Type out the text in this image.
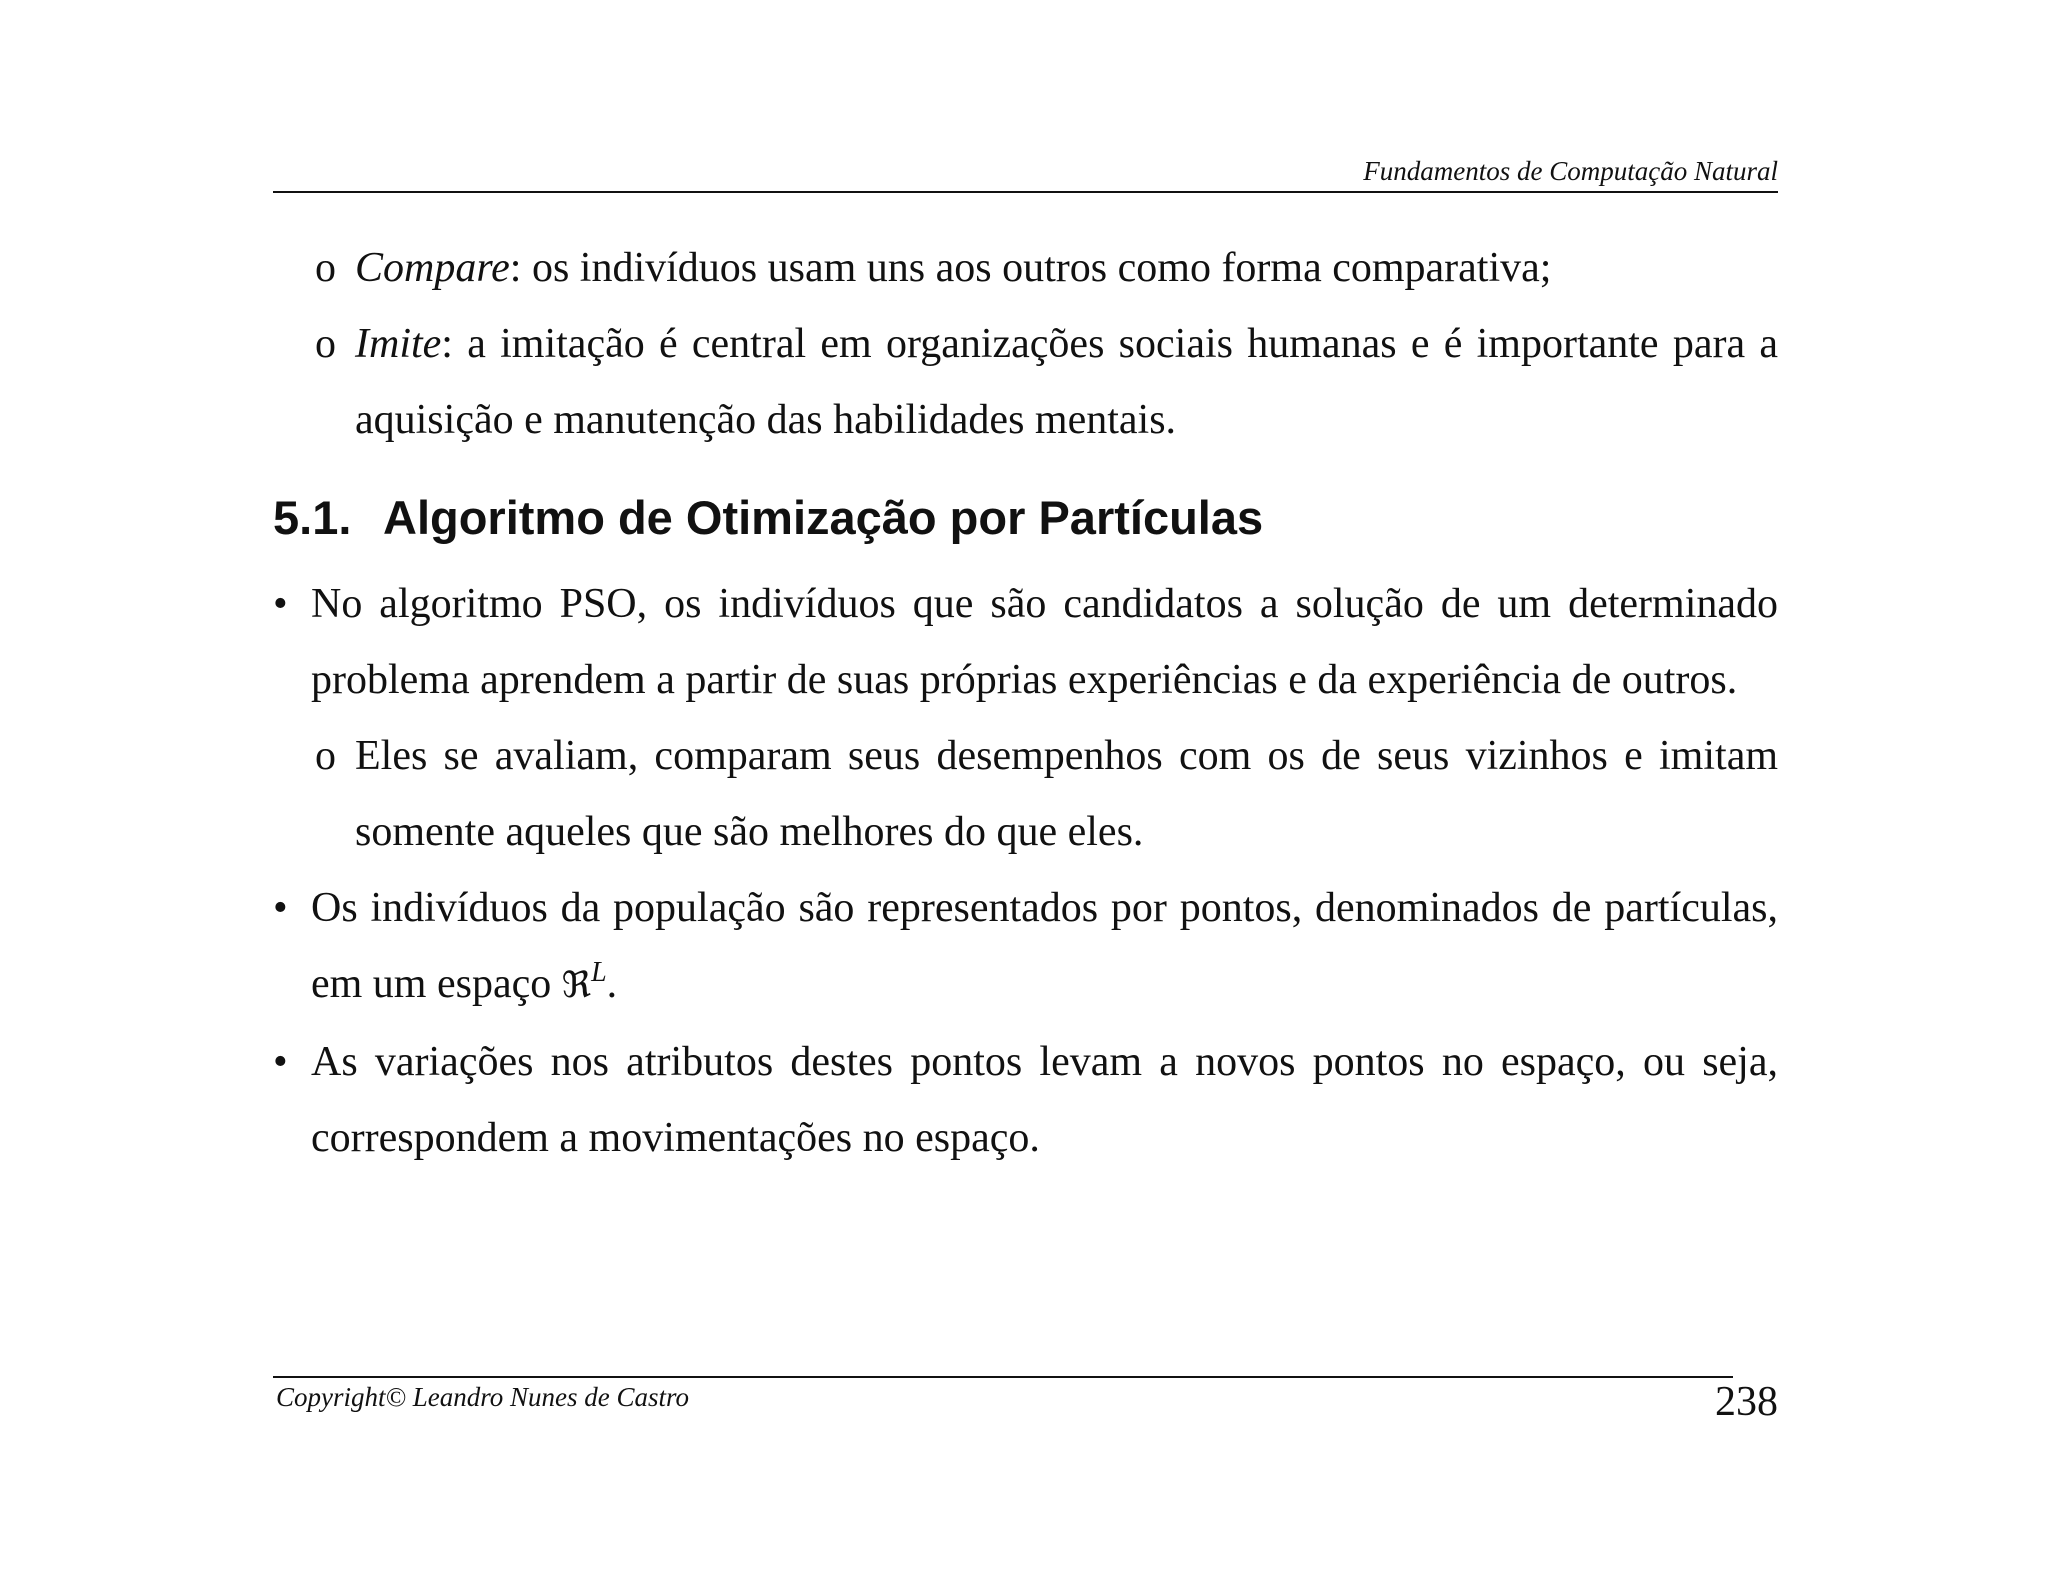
Fundamentos de Computação Natural
o Compare: os indivíduos usam uns aos outros como forma comparativa;
o Imite: a imitação é central em organizações sociais humanas e é importante para a aquisição e manutenção das habilidades mentais.
5.1. Algoritmo de Otimização por Partículas
• No algoritmo PSO, os indivíduos que são candidatos a solução de um determinado problema aprendem a partir de suas próprias experiências e da experiência de outros.
o Eles se avaliam, comparam seus desempenhos com os de seus vizinhos e imitam somente aqueles que são melhores do que eles.
• Os indivíduos da população são representados por pontos, denominados de partículas, em um espaço ℜ$^L$.
• As variações nos atributos destes pontos levam a novos pontos no espaço, ou seja, correspondem a movimentações no espaço.
Copyright© Leandro Nunes de Castro	238
